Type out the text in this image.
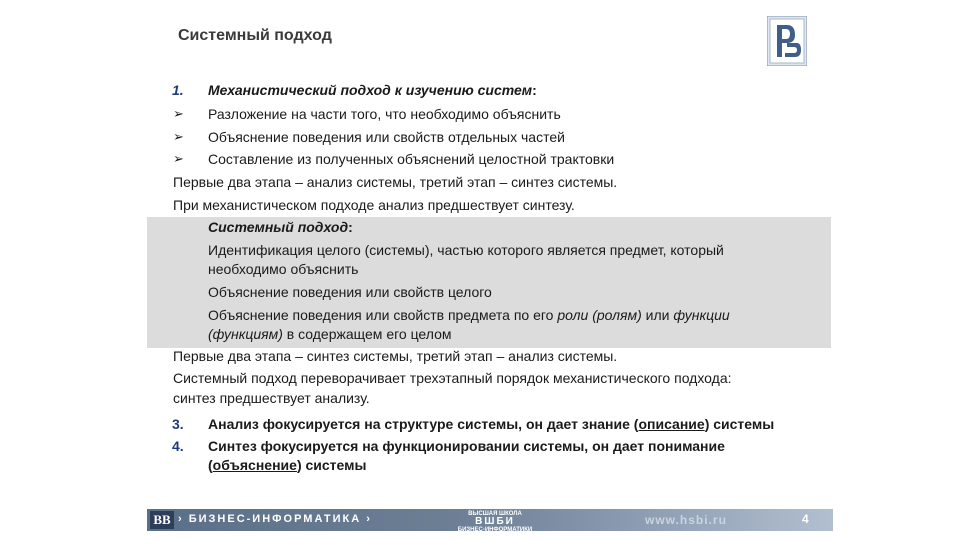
Системный подход
1. Механистический подход к изучению систем:
➢ Разложение на части того, что необходимо объяснить
➢ Объяснение поведения или свойств отдельных частей
➢ Составление из полученных объяснений целостной трактовки
Первые два этапа – анализ системы, третий этап – синтез системы.
При механистическом подходе анализ предшествует синтезу.
Системный подход:
Идентификация целого (системы), частью которого является предмет, который
необходимо объяснить
Объяснение поведения или свойств целого
Объяснение поведения или свойств предмета по его роли (ролям) или функции
(функциям) в содержащем его целом
Первые два этапа – синтез системы, третий этап – анализ системы.
Системный подход переворачивает трехэтапный порядок механистического подхода:
синтез предшествует анализу.
3. Анализ фокусируется на структуре системы, он дает знание (описание) системы
4. Синтез фокусируется на функционировании системы, он дает понимание
(объяснение) системы
ВВ › БИЗНЕС-ИНФОРМАТИКА ›	ВЫСШАЯ ШКОЛА
ВШБИ
БИЗНЕС-ИНФОРМАТИКИ
www.hsbi.ru	4
